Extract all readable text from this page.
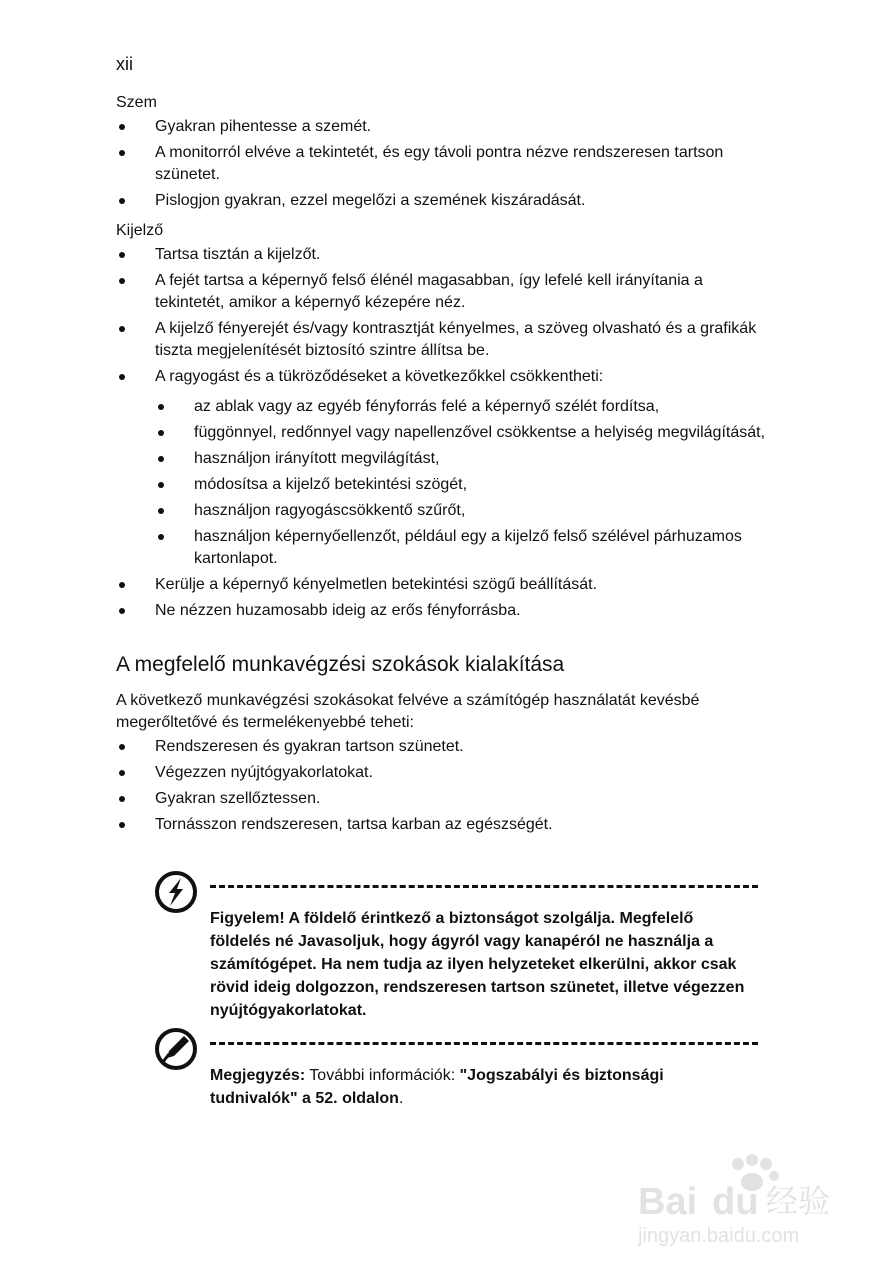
xii
Szem
Gyakran pihentesse a szemét.
A monitorról elvéve a tekintetét, és egy távoli pontra nézve rendszeresen tartson szünetet.
Pislogjon gyakran, ezzel megelőzi a szemének kiszáradását.
Kijelző
Tartsa tisztán a kijelzőt.
A fejét tartsa a képernyő felső élénél magasabban, így lefelé kell irányítania a tekintetét, amikor a képernyő kézepére néz.
A kijelző fényerejét és/vagy kontrasztját kényelmes, a szöveg olvasható és a grafikák tiszta megjelenítését biztosító szintre állítsa be.
A ragyogást és a tükröződéseket a következőkkel csökkentheti:
az ablak vagy az egyéb fényforrás felé a képernyő szélét fordítsa,
függönnyel, redőnnyel vagy napellenzővel csökkentse a helyiség megvilágítását,
használjon irányított megvilágítást,
módosítsa a kijelző betekintési szögét,
használjon ragyogáscsökkentő szűrőt,
használjon képernyőellenzőt, például egy a kijelző felső szélével párhuzamos kartonlapot.
Kerülje a képernyő kényelmetlen betekintési szögű beállítását.
Ne nézzen huzamosabb ideig az erős fényforrásba.
A megfelelő munkavégzési szokások kialakítása
A következő munkavégzési szokásokat felvéve a számítógép használatát kevésbé megerőltetővé és termelékenyebbé teheti:
Rendszeresen és gyakran tartson szünetet.
Végezzen nyújtógyakorlatokat.
Gyakran szellőztessen.
Tornásszon rendszeresen, tartsa karban az egészségét.
Figyelem! A földelő érintkező a biztonságot szolgálja. Megfelelő földelés né Javasoljuk, hogy ágyról vagy kanapéról ne használja a számítógépet. Ha nem tudja az ilyen helyzeteket elkerülni, akkor csak rövid ideig dolgozzon, rendszeresen tartson szünetet, illetve végezzen nyújtógyakorlatokat.
Megjegyzés: További információk: "Jogszabályi és biztonsági tudnivalók" a 52. oldalon.
Bai du 经验
jingyan.baidu.com
